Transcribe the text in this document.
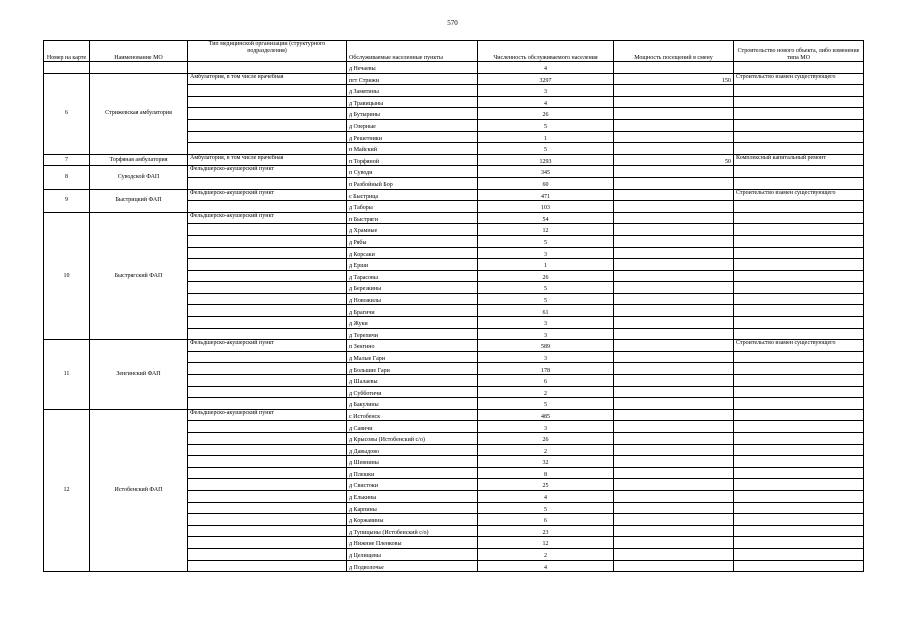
570
Номер на карте	Наименование МО	Тип медицинской организации (структурного подразделения)	Обслуживаемые населенные пункты	Численность обслуживаемого населения	Мощность посещений в смену	Строительство нового объекта, либо изменение типа МО
			д Нечаевы	4		
6	Стрижевская амбулатория	Амбулатория, в том числе врачебная	пгт Стрижи	3297	150	Строительство взамен существующего
			д Замятины	3		
			д Травицыны	4		
			д Бутырины	26		
			д Озерные	5		
			д Решетники	1		
			п Майский	5		
7	Торфяная амбулатория	Амбулатория, в том числе врачебная	п Торфяной	1293	50	Комплексный капитальный ремонт
8	Суводской ФАП	Фельдшерско-акушерский пункт	п Суводи	345		
			п Разбойный Бор	60		
9	Быстрицкий ФАП	Фельдшерско-акушерский пункт	с Быстрица	471		Строительство взамен существующего
			д Таборы	103		
10	Быстрягский ФАП	Фельдшерско-акушерский пункт	п Быстряги	54		
			д Храмные	12		
			д Рябы	5		
			д Корсаки	3		
			д Ерши	1		
			д Тарасовы	26		
			д Березкины	5		
			д Новожилы	5		
			д Брагичи	61		
			д Жуки	3		
			д Терепичи	3		
11	Зенгинский ФАП	Фельдшерско-акушерский пункт	п Зенгино	589		Строительство взамен существующего
			д Малые Гари	3		
			д Большие Гари	178		
			д Шалаевы	6		
			д Субботичи	2		
			д Бакулины	5		
12	Истобенский ФАП	Фельдшерско-акушерский пункт	с Истобенск	485		
			д Савичи	3		
			д Крысовы (Истобенский с/о)	26		
			д Давыдово	2		
			д Шевнины	32		
			д Плешки	8		
			д Свистоки	25		
			д Елькины	4		
			д Карпины	5		
			д Коржавины	6		
			д Тупицыны (Истобенский с/о)	23		
			д Нижние Пленковы	12		
			д Целищевы	2		
			д Подволочье	4		
